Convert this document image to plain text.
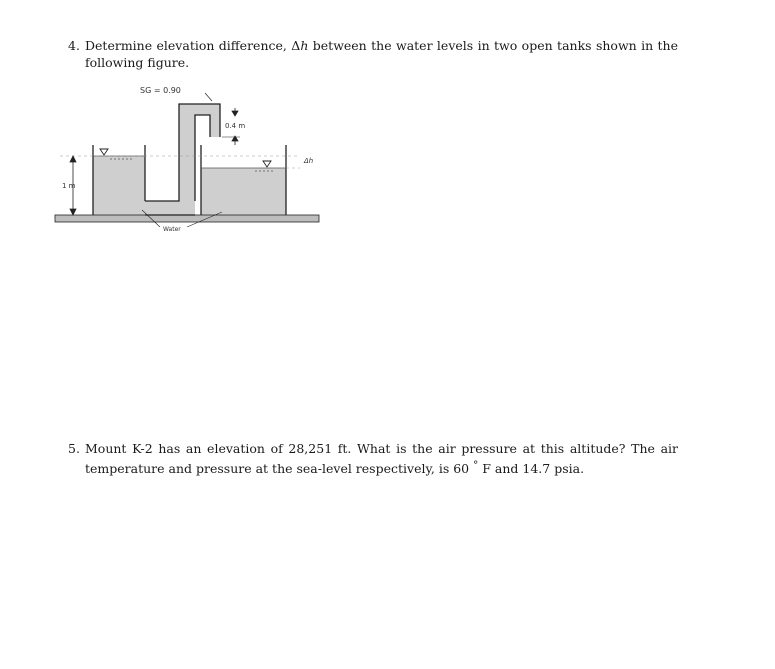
4. Determine elevation difference, Δh between the water levels in two open tanks shown in the following figure.
SG = 0.90
0.4 m
1 m
Δh
Water
5. Mount K-2 has an elevation of 28,251 ft. What is the air pressure at this altitude? The air temperature and pressure at the sea-level respectively, is 60 ° F and 14.7 psia.
